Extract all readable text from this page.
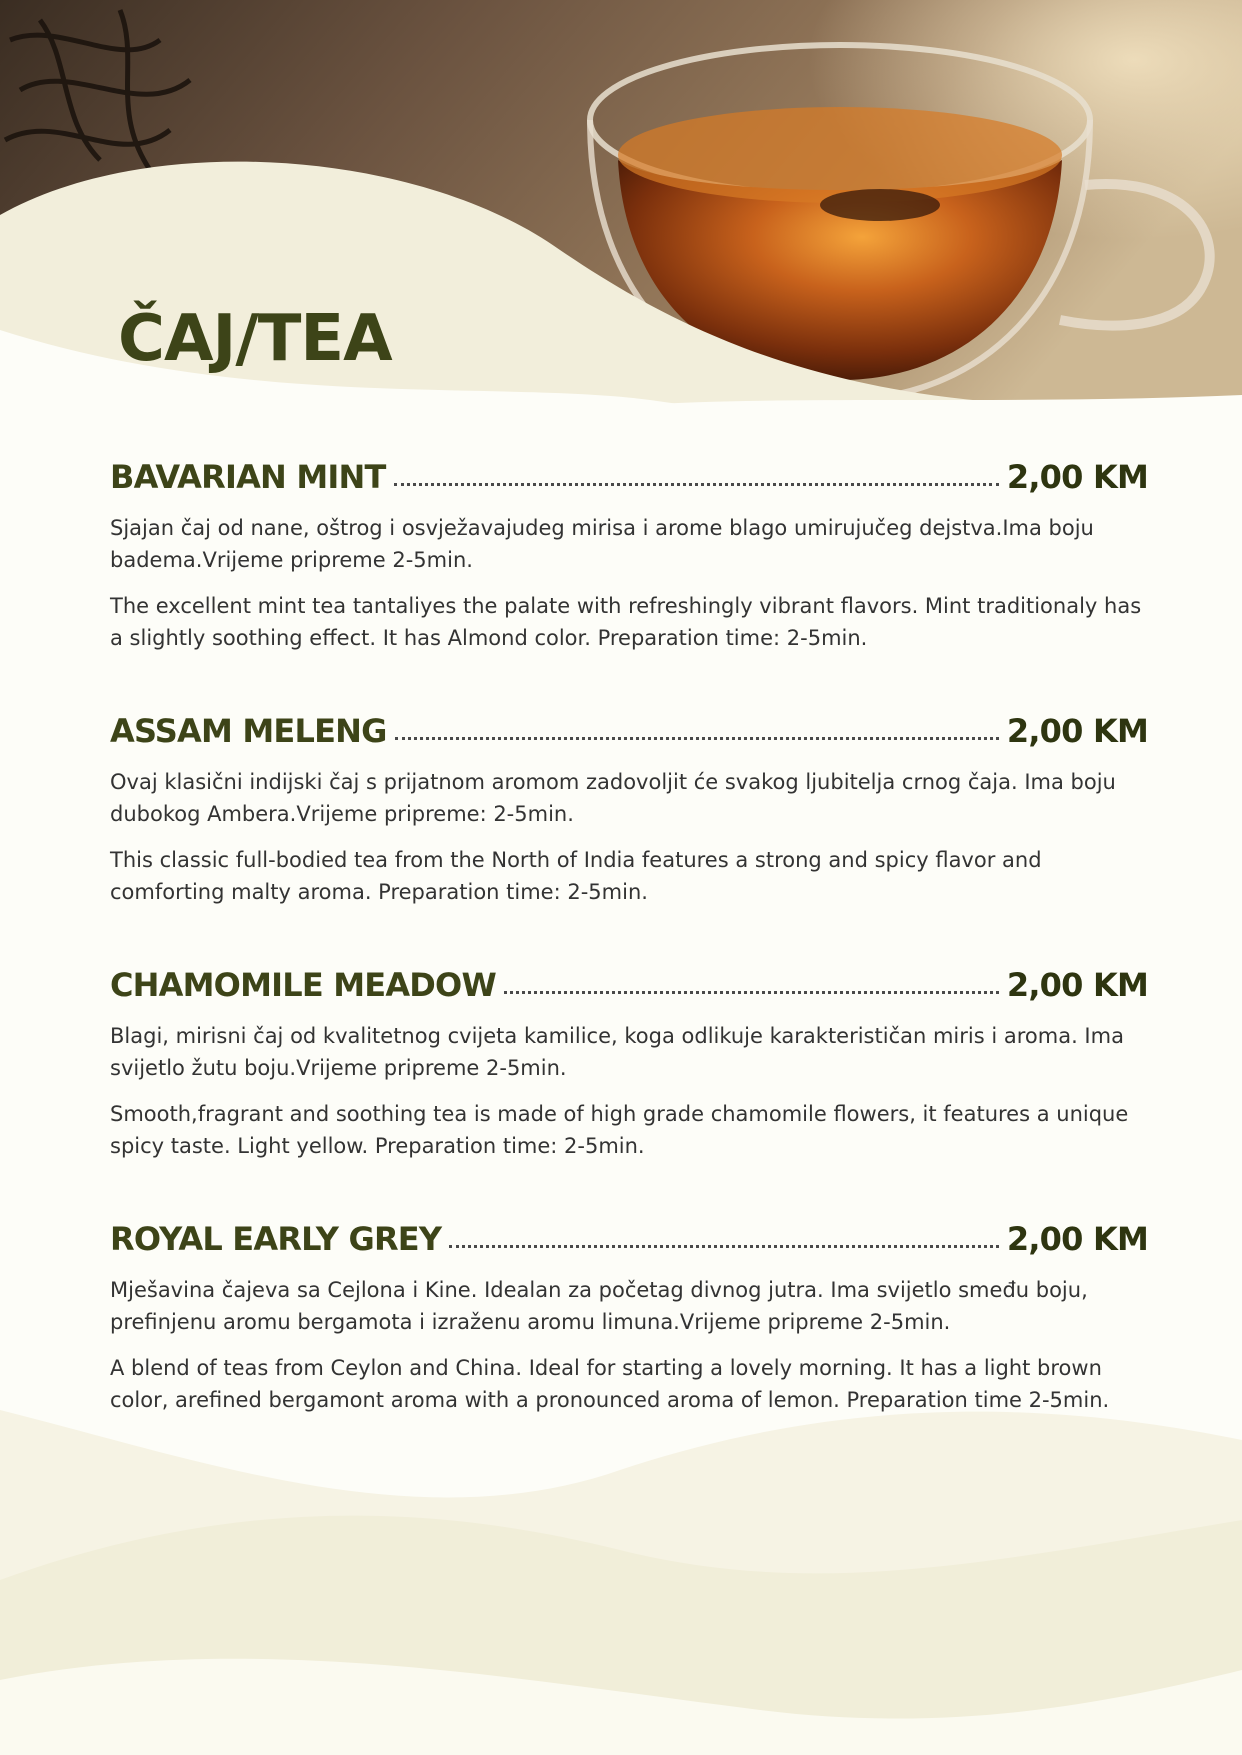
ČAJ/TEA
BAVARIAN MINT	2,00 KM

Sjajan čaj od nane, oštrog i osvježavajudeg mirisa i arome blago umirujučeg dejstva.Ima boju badema.Vrijeme pripreme 2-5min.

The excellent mint tea tantaliyes the palate with refreshingly vibrant flavors. Mint traditionaly has a slightly soothing effect. It has Almond color. Preparation time: 2-5min.

ASSAM MELENG	2,00 KM

Ovaj klasični indijski čaj s prijatnom aromom zadovoljit će svakog ljubitelja crnog čaja. Ima boju dubokog Ambera.Vrijeme pripreme: 2-5min.

This classic full-bodied tea from the North of India features a strong and spicy flavor and comforting malty aroma. Preparation time: 2-5min.

CHAMOMILE MEADOW	2,00 KM

Blagi, mirisni čaj od kvalitetnog cvijeta kamilice, koga odlikuje karakterističan miris i aroma. Ima svijetlo žutu boju.Vrijeme pripreme 2-5min.

Smooth,fragrant and soothing tea is made of high grade chamomile flowers, it features a unique spicy taste. Light yellow. Preparation time: 2-5min.

ROYAL EARLY GREY	2,00 KM

Mješavina čajeva sa Cejlona i Kine. Idealan za početag divnog jutra. Ima svijetlo smeđu boju, prefinjenu aromu bergamota i izraženu aromu limuna.Vrijeme pripreme 2-5min.

A blend of teas from Ceylon and China. Ideal for starting a lovely morning. It has a light brown color, arefined bergamont aroma with a pronounced aroma of lemon. Preparation time 2-5min.
